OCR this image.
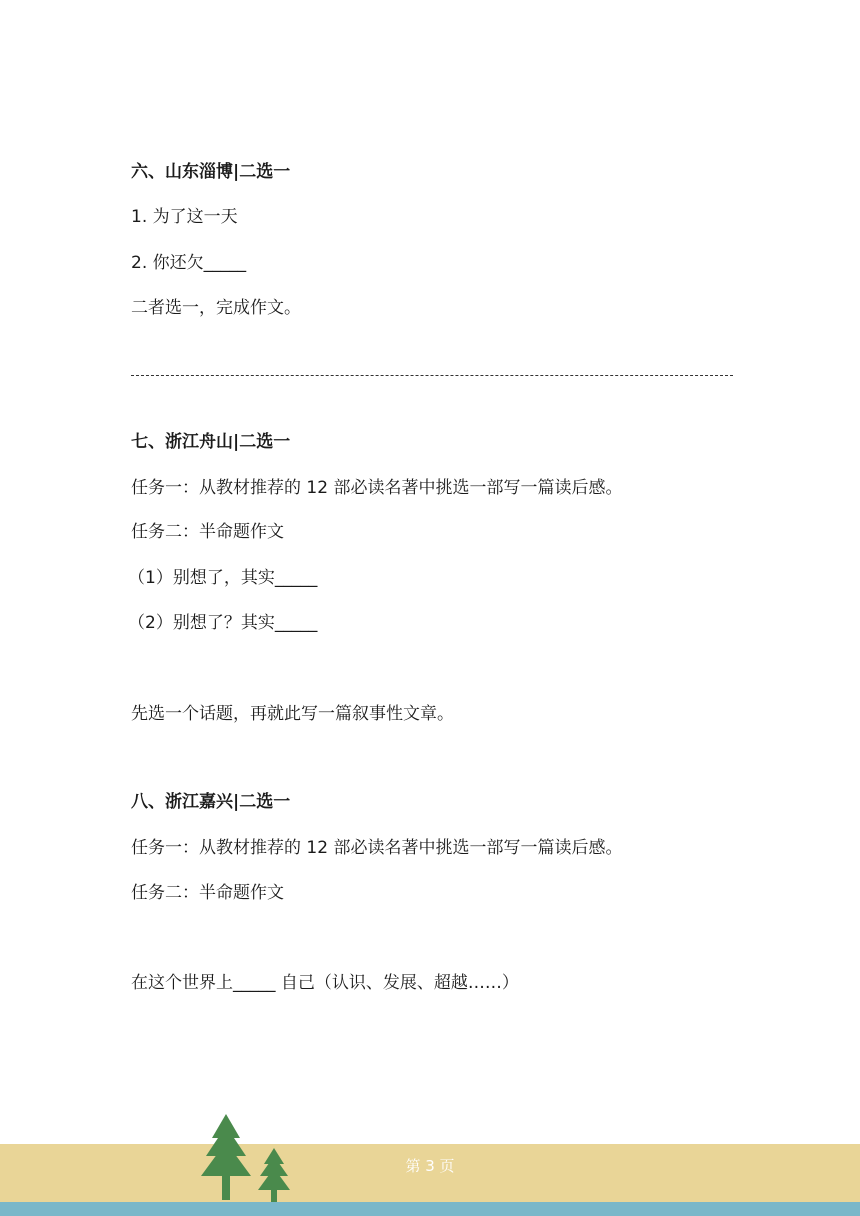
六、山东淄博|二选一
1. 为了这一天
2. 你还欠_____
二者选一，完成作文。
七、浙江舟山|二选一
任务一：从教材推荐的 12 部必读名著中挑选一部写一篇读后感。
任务二：半命题作文
（1）别想了，其实_____
（2）别想了？其实_____
先选一个话题，再就此写一篇叙事性文章。
八、浙江嘉兴|二选一
任务一：从教材推荐的 12 部必读名著中挑选一部写一篇读后感。
任务二：半命题作文
在这个世界上_____ 自己（认识、发展、超越……）
第 3 页
